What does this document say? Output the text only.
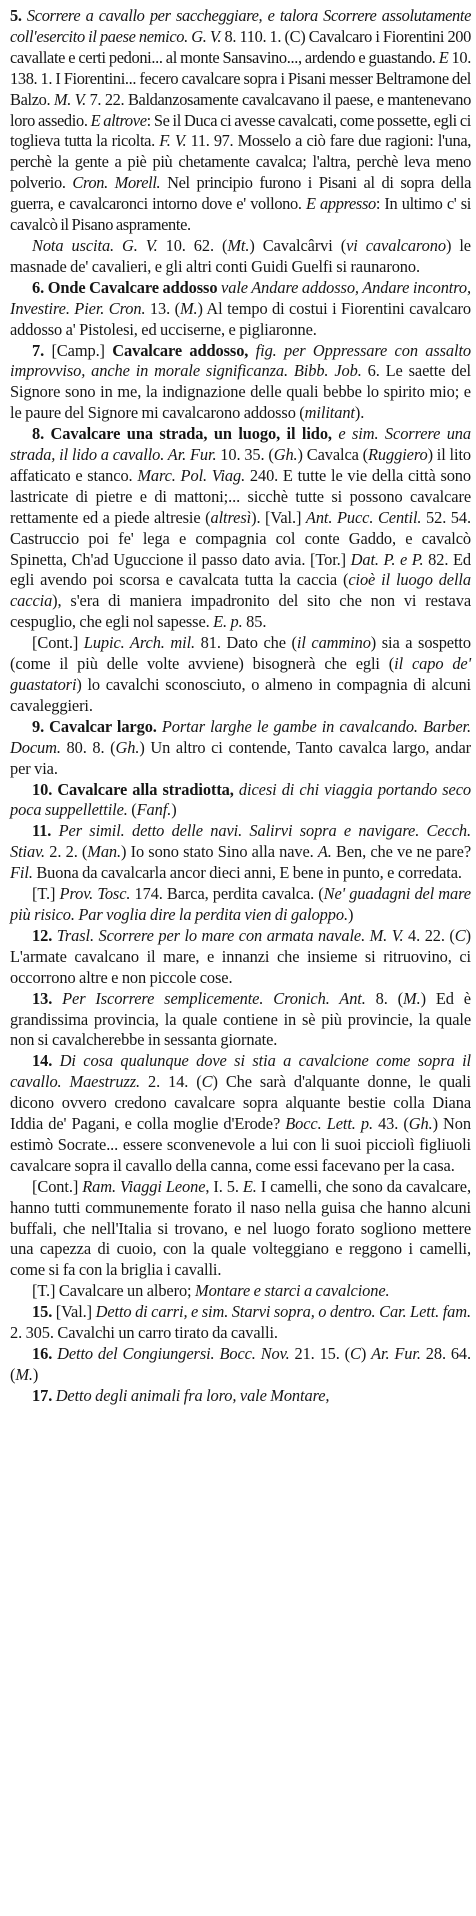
5. Scorrere a cavallo per saccheggiare, e talora Scorrere assolutamente coll'esercito il paese nemico. G. V. 8. 110. 1. (C) Cavalcaro i Fiorentini 200 cavallate e certi pedoni... al monte Sansavino..., ardendo e guastando. E 10. 138. 1. I Fiorentini... fecero cavalcare sopra i Pisani messer Beltramone del Balzo. M. V. 7. 22. Baldanzosamente cavalcavano il paese, e mantenevano loro assedio. E altrove: Se il Duca ci avesse cavalcati, come possette, egli ci toglieva tutta la ricolta. F. V. 11. 97. Mosselo a ciò fare due ragioni: l'una, perchè la gente a piè più chetamente cavalca; l'altra, perchè leva meno polverio. Cron. Morell. Nel principio furono i Pisani al di sopra della guerra, e cavalcaronci intorno dove e' vollono. E appresso: In ultimo c' si cavalcò il Pisano aspramente.

Nota uscita. G. V. 10. 62. (Mt.) Cavalcârvi (vi cavalcarono) le masnade de' cavalieri, e gli altri conti Guidi Guelfi si raunarono.

6. Onde Cavalcare addosso vale Andare addosso, Andare incontro, Investire. Pier. Cron. 13. (M.) Al tempo di costui i Fiorentini cavalcaro addosso a' Pistolesi, ed ucciserne, e pigliaronne.

7. [Camp.] Cavalcare addosso, fig. per Oppressare con assalto improvviso, anche in morale significanza. Bibb. Job. 6. Le saette del Signore sono in me, la indignazione delle quali bebbe lo spirito mio; e le paure del Signore mi cavalcarono addosso (militant).

8. Cavalcare una strada, un luogo, il lido, e sim. Scorrere una strada, il lido a cavallo. Ar. Fur. 10. 35. (Gh.) Cavalca (Ruggiero) il lito affaticato e stanco. Marc. Pol. Viag. 240. E tutte le vie della città sono lastricate di pietre e di mattoni;... sicchè tutte si possono cavalcare rettamente ed a piede altresie (altresì). [Val.] Ant. Pucc. Centil. 52. 54. Castruccio poi fe' lega e compagnia col conte Gaddo, e cavalcò Spinetta, Ch'ad Uguccione il passo dato avia. [Tor.] Dat. P. e P. 82. Ed egli avendo poi scorsa e cavalcata tutta la caccia (cioè il luogo della caccia), s'era di maniera impadronito del sito che non vi restava cespuglio, che egli nol sapesse. E. p. 85.

[Cont.] Lupic. Arch. mil. 81. Dato che (il cammino) sia a sospetto (come il più delle volte avviene) bisognerà che egli (il capo de' guastatori) lo cavalchi sconosciuto, o almeno in compagnia di alcuni cavaleggieri.

9. Cavalcar largo. Portar larghe le gambe in cavalcando. Barber. Docum. 80. 8. (Gh.) Un altro ci contende, Tanto cavalca largo, andar per via.

10. Cavalcare alla stradiotta, dicesi di chi viaggia portando seco poca suppellettile. (Fanf.)

11. Per simil. detto delle navi. Salirvi sopra e navigare. Cecch. Stiav. 2. 2. (Man.) Io sono stato Sino alla nave. A. Ben, che ve ne pare? Fil. Buona da cavalcarla ancor dieci anni, E bene in punto, e corredata.

[T.] Prov. Tosc. 174. Barca, perdita cavalca. (Ne' guadagni del mare più risico. Par voglia dire la perdita vien di galoppo.)

12. Trasl. Scorrere per lo mare con armata navale. M. V. 4. 22. (C) L'armate cavalcano il mare, e innanzi che insieme si ritruovino, ci occorrono altre e non piccole cose.

13. Per Iscorrere semplicemente. Cronich. Ant. 8. (M.) Ed è grandissima provincia, la quale contiene in sè più provincie, la quale non si cavalcherebbe in sessanta giornate.

14. Di cosa qualunque dove si stia a cavalcione come sopra il cavallo. Maestruzz. 2. 14. (C) Che sarà d'alquante donne, le quali dicono ovvero credono cavalcare sopra alquante bestie colla Diana Iddia de' Pagani, e colla moglie d'Erode? Bocc. Lett. p. 43. (Gh.) Non estimò Socrate... essere sconvenevole a lui con li suoi picciolì figliuoli cavalcare sopra il cavallo della canna, come essi facevano per la casa.

[Cont.] Ram. Viaggi Leone, I. 5. E. I camelli, che sono da cavalcare, hanno tutti communemente forato il naso nella guisa che hanno alcuni buffali, che nell'Italia si trovano, e nel luogo forato sogliono mettere una capezza di cuoio, con la quale volteggiano e reggono i camelli, come si fa con la briglia i cavalli.

[T.] Cavalcare un albero; Montare e starci a cavalcione.

15. [Val.] Detto di carri, e sim. Starvi sopra, o dentro. Car. Lett. fam. 2. 305. Cavalchi un carro tirato da cavalli.

16. Detto del Congiungersi. Bocc. Nov. 21. 15. (C) Ar. Fur. 28. 64. (M.)

17. Detto degli animali fra loro, vale Montare,
